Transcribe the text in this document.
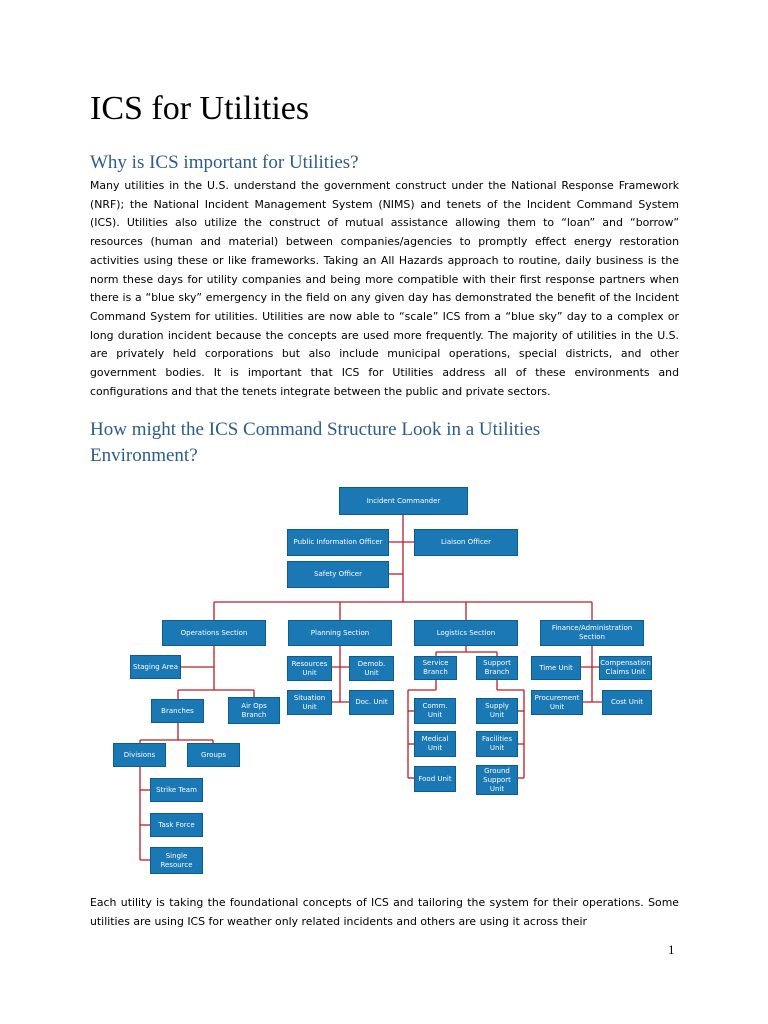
ICS for Utilities
Why is ICS important for Utilities?

Many utilities in the U.S. understand the government construct under the National Response Framework (NRF); the National Incident Management System (NIMS) and tenets of the Incident Command System (ICS). Utilities also utilize the construct of mutual assistance allowing them to “loan” and “borrow” resources (human and material) between companies/agencies to promptly effect energy restoration activities using these or like frameworks. Taking an All Hazards approach to routine, daily business is the norm these days for utility companies and being more compatible with their first response partners when there is a “blue sky” emergency in the field on any given day has demonstrated the benefit of the Incident Command System for utilities. Utilities are now able to “scale” ICS from a “blue sky” day to a complex or long duration incident because the concepts are used more frequently. The majority of utilities in the U.S. are privately held corporations but also include municipal operations, special districts, and other government bodies. It is important that ICS for Utilities address all of these environments and configurations and that the tenets integrate between the public and private sectors.

How might the ICS Command Structure Look in a Utilities Environment?
Incident Commander
Public Information Officer	Liaison Officer
Safety Officer
Operations Section	Planning Section	Logistics Section
Finance/Administration Section
Staging Area
Branches
Air Ops Branch
Divisions	Groups
Strike Team
Task Force
Single Resource
Resources Unit
Demob. Unit
Situation Unit
Doc. Unit
Service Branch
Support Branch
Comm. Unit
Medical Unit
Food Unit
Supply Unit
Facilities Unit
Ground Support Unit
Time Unit
Compensation Claims Unit
Procurement Unit
Cost Unit

Each utility is taking the foundational concepts of ICS and tailoring the system for their operations. Some utilities are using ICS for weather only related incidents and others are using it across their

1
